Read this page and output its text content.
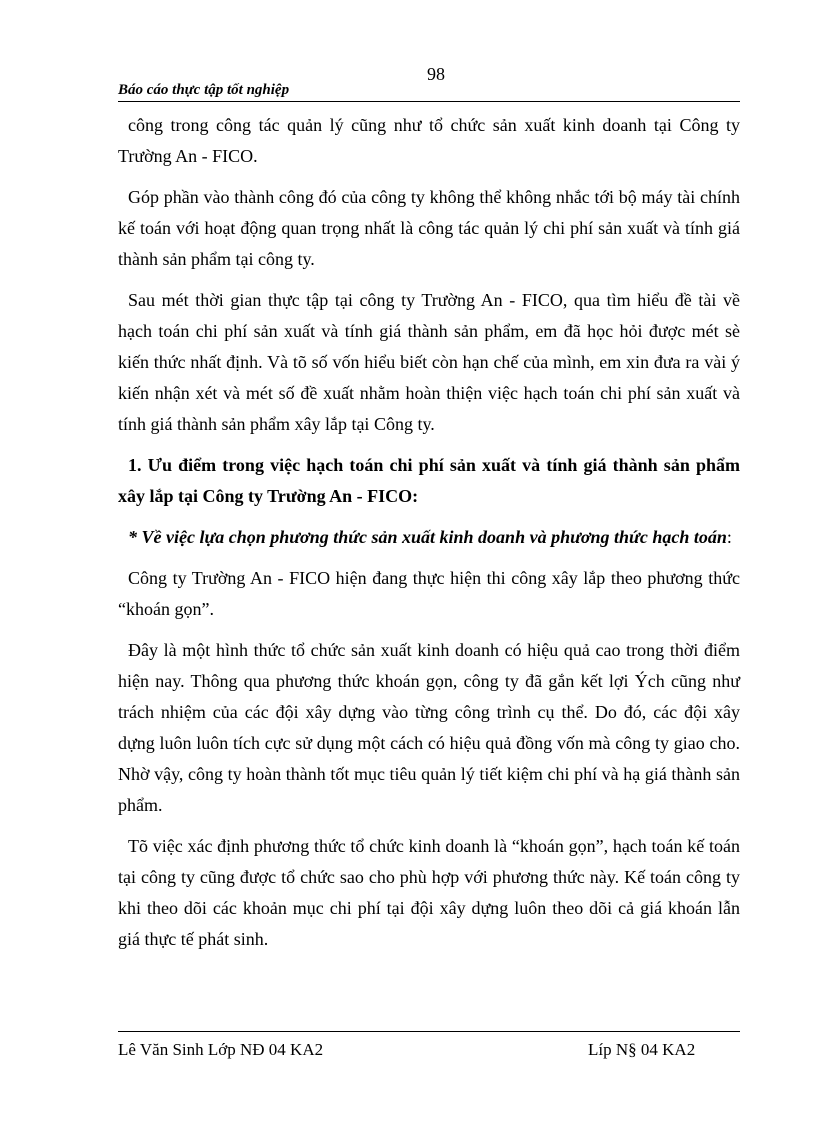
98
Báo cáo thực tập tốt nghiệp

công trong công tác quản lý cũng như tổ chức sản xuất kinh doanh tại Công ty Trường An - FICO.

Góp phần vào thành công đó của công ty không thể không nhắc tới bộ máy tài chính kế toán với hoạt động quan trọng nhất là công tác quản lý chi phí sản xuất và tính giá thành sản phẩm tại công ty.

Sau mét thời gian thực tập tại công ty Trường An - FICO, qua tìm hiểu đề tài về hạch toán chi phí sản xuất và tính giá thành sản phẩm, em đã học hỏi được mét sè kiến thức nhất định. Và tõ số vốn hiểu biết còn hạn chế của mình, em xin đưa ra vài ý kiến nhận xét và mét số đề xuất nhằm hoàn thiện việc hạch toán chi phí sản xuất và tính giá thành sản phẩm xây lắp tại Công ty.

1. Ưu điểm trong việc hạch toán chi phí sản xuất và tính giá thành sản phẩm xây lắp tại Công ty Trường An - FICO:

* Về việc lựa chọn phương thức sản xuất kinh doanh và phương thức hạch toán:

Công ty Trường An - FICO hiện đang thực hiện thi công xây lắp theo phương thức “khoán gọn”.

Đây là một hình thức tổ chức sản xuất kinh doanh có hiệu quả cao trong thời điểm hiện nay. Thông qua phương thức khoán gọn, công ty đã gắn kết lợi Ých cũng như trách nhiệm của các đội xây dựng vào từng công trình cụ thể. Do đó, các đội xây dựng luôn luôn tích cực sử dụng một cách có hiệu quả đồng vốn mà công ty giao cho. Nhờ vậy, công ty hoàn thành tốt mục tiêu quản lý tiết kiệm chi phí và hạ giá thành sản phẩm.

Tõ việc xác định phương thức tổ chức kinh doanh là “khoán gọn”, hạch toán kế toán tại công ty cũng được tổ chức sao cho phù hợp với phương thức này. Kế toán công ty khi theo dõi các khoản mục chi phí tại đội xây dựng luôn theo dõi cả giá khoán lẫn giá thực tế phát sinh.

Lê Văn Sinh Lớp NĐ 04 KA2	Líp N§ 04 KA2
